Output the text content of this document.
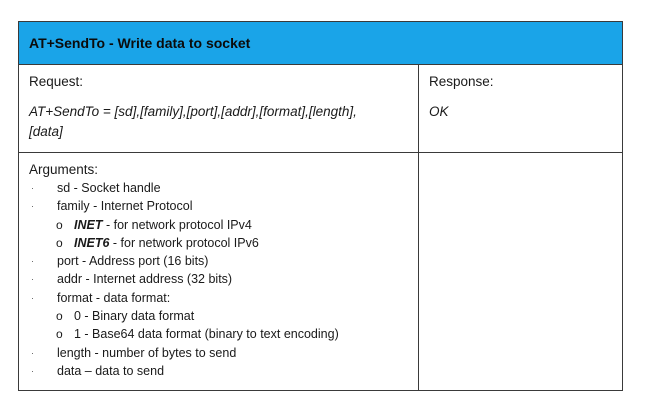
AT+SendTo - Write data to socket
Request:
AT+SendTo = [sd],[family],[port],[addr],[format],[length],
[data]
Response:
OK
Arguments:
· sd - Socket handle
· family - Internet Protocol
o INET - for network protocol IPv4
o INET6 - for network protocol IPv6
· port - Address port (16 bits)
· addr - Internet address (32 bits)
· format - data format:
o 0 - Binary data format
o 1 - Base64 data format (binary to text encoding)
· length - number of bytes to send
· data – data to send
